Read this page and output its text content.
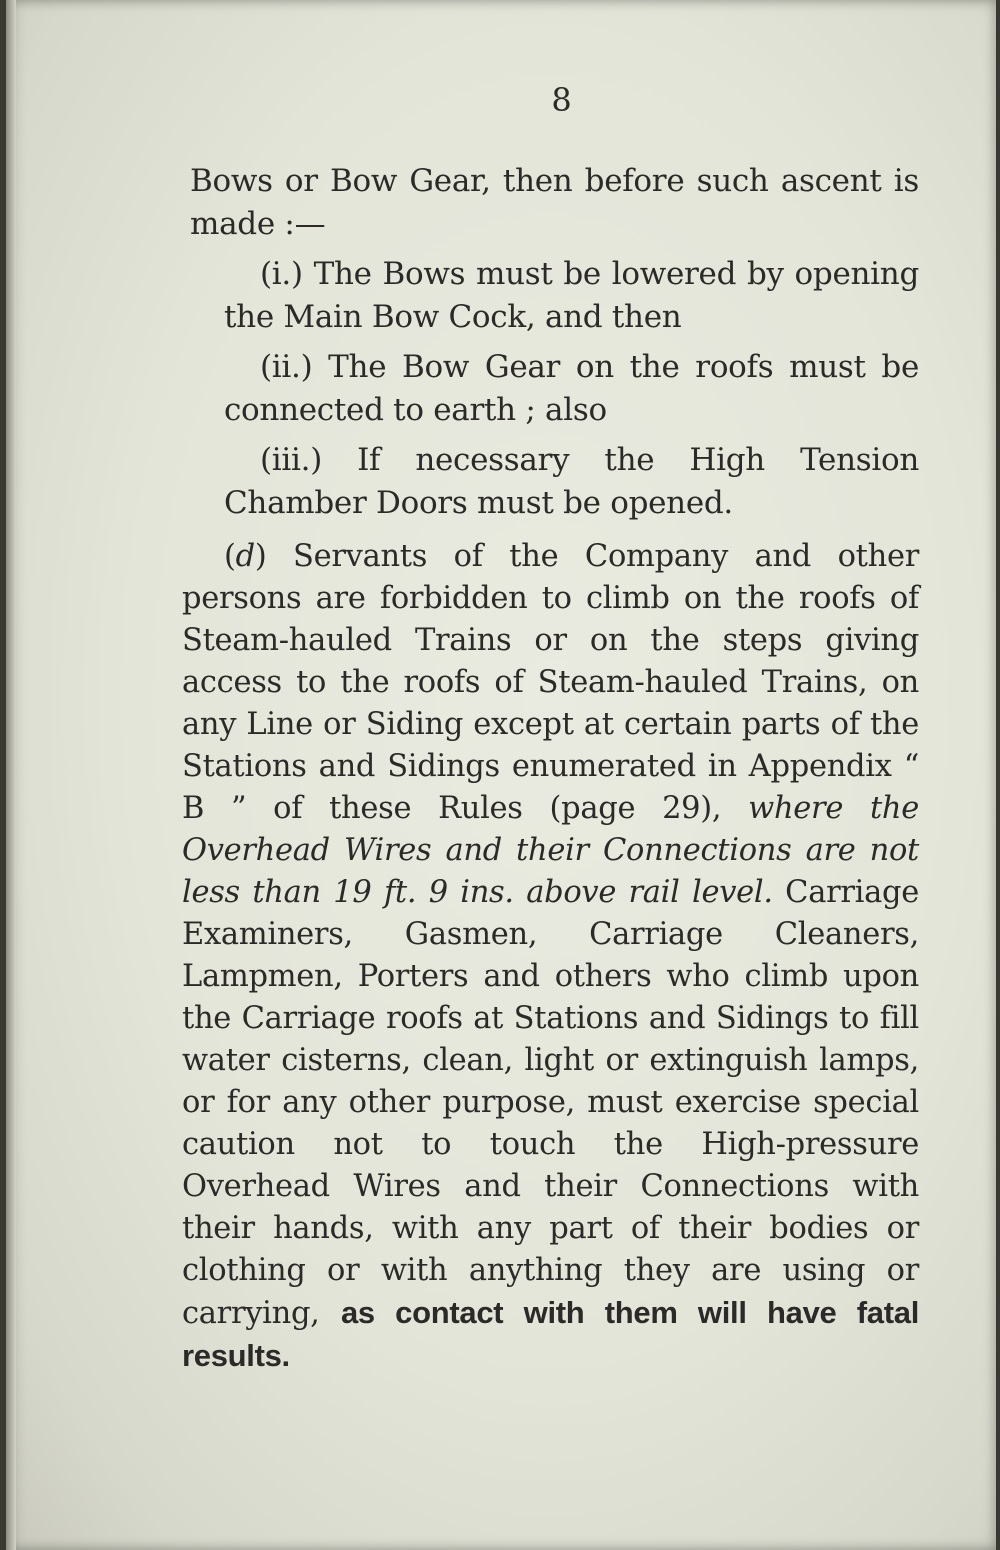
8

Bows or Bow Gear, then before such ascent is made :—

(i.) The Bows must be lowered by opening the Main Bow Cock, and then

(ii.) The Bow Gear on the roofs must be connected to earth ; also

(iii.) If necessary the High Tension Chamber Doors must be opened.

(d) Servants of the Company and other persons are forbidden to climb on the roofs of Steam-hauled Trains or on the steps giving access to the roofs of Steam-hauled Trains, on any Line or Siding except at certain parts of the Stations and Sidings enumerated in Appendix “ B ” of these Rules (page 29), where the Overhead Wires and their Connections are not less than 19 ft. 9 ins. above rail level. Carriage Examiners, Gasmen, Carriage Cleaners, Lampmen, Porters and others who climb upon the Carriage roofs at Stations and Sidings to fill water cisterns, clean, light or extinguish lamps, or for any other purpose, must exercise special caution not to touch the High-pressure Overhead Wires and their Connections with their hands, with any part of their bodies or clothing or with anything they are using or carrying, as contact with them will have fatal results.
